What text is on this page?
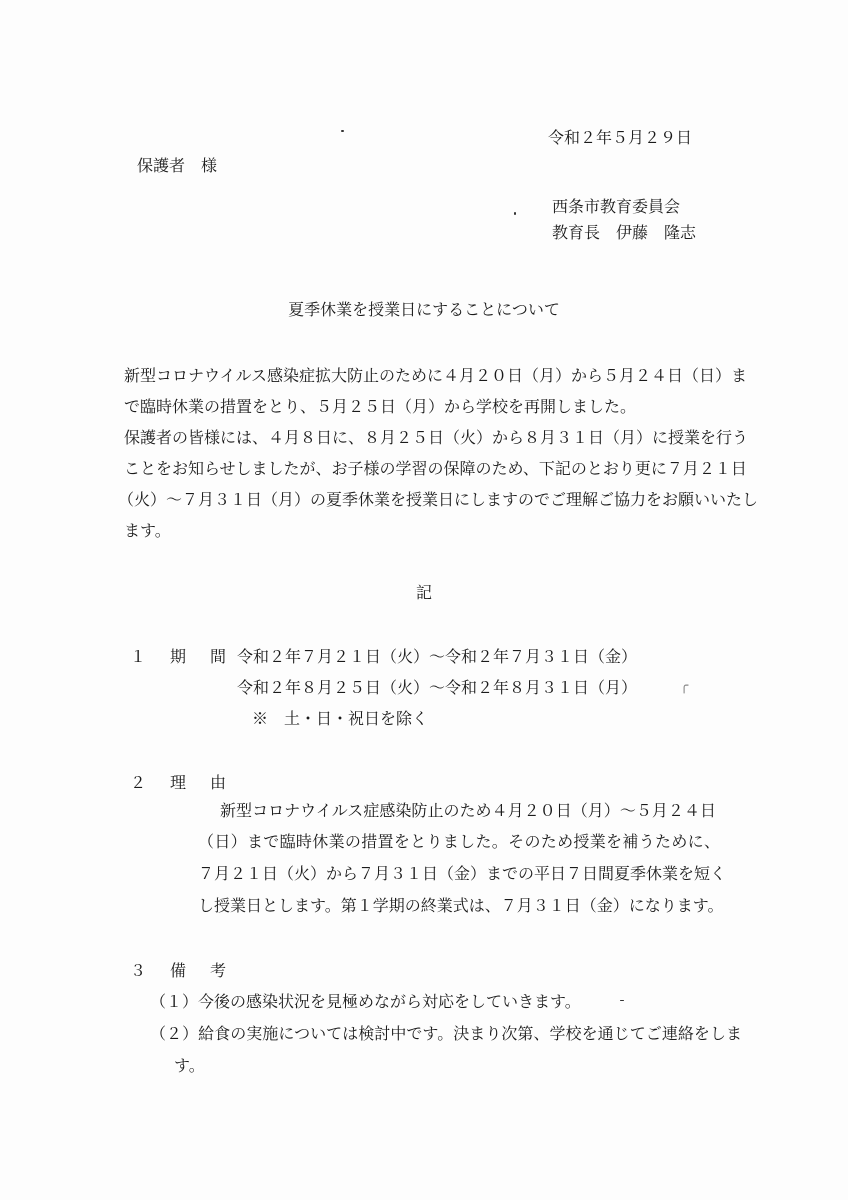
╭
令和２年５月２９日
保護者　様
西条市教育委員会
教育長　伊藤　隆志
夏季休業を授業日にすることについて
新型コロナウイルス感染症拡大防止のために４月２０日（月）から５月２４日（日）ま
で臨時休業の措置をとり、５月２５日（月）から学校を再開しました。
保護者の皆様には、４月８日に、８月２５日（火）から８月３１日（月）に授業を行う
ことをお知らせしましたが、お子様の学習の保障のため、下記のとおり更に７月２１日
（火）～７月３１日（月）の夏季休業を授業日にしますのでご理解ご協力をお願いいたし
ます。
記
１　期　間 令和２年７月２１日（火）～令和２年７月３１日（金）
令和２年８月２５日（火）～令和２年８月３１日（月）
※　土・日・祝日を除く
２　理　由
新型コロナウイルス症感染防止のため４月２０日（月）～５月２４日
（日）まで臨時休業の措置をとりました。そのため授業を補うために、
７月２１日（火）から７月３１日（金）までの平日７日間夏季休業を短く
し授業日とします。第１学期の終業式は、７月３１日（金）になります。
３　備　考
（１）今後の感染状況を見極めながら対応をしていきます。
（２）給食の実施については検討中です。決まり次第、学校を通じてご連絡をしま
す。
